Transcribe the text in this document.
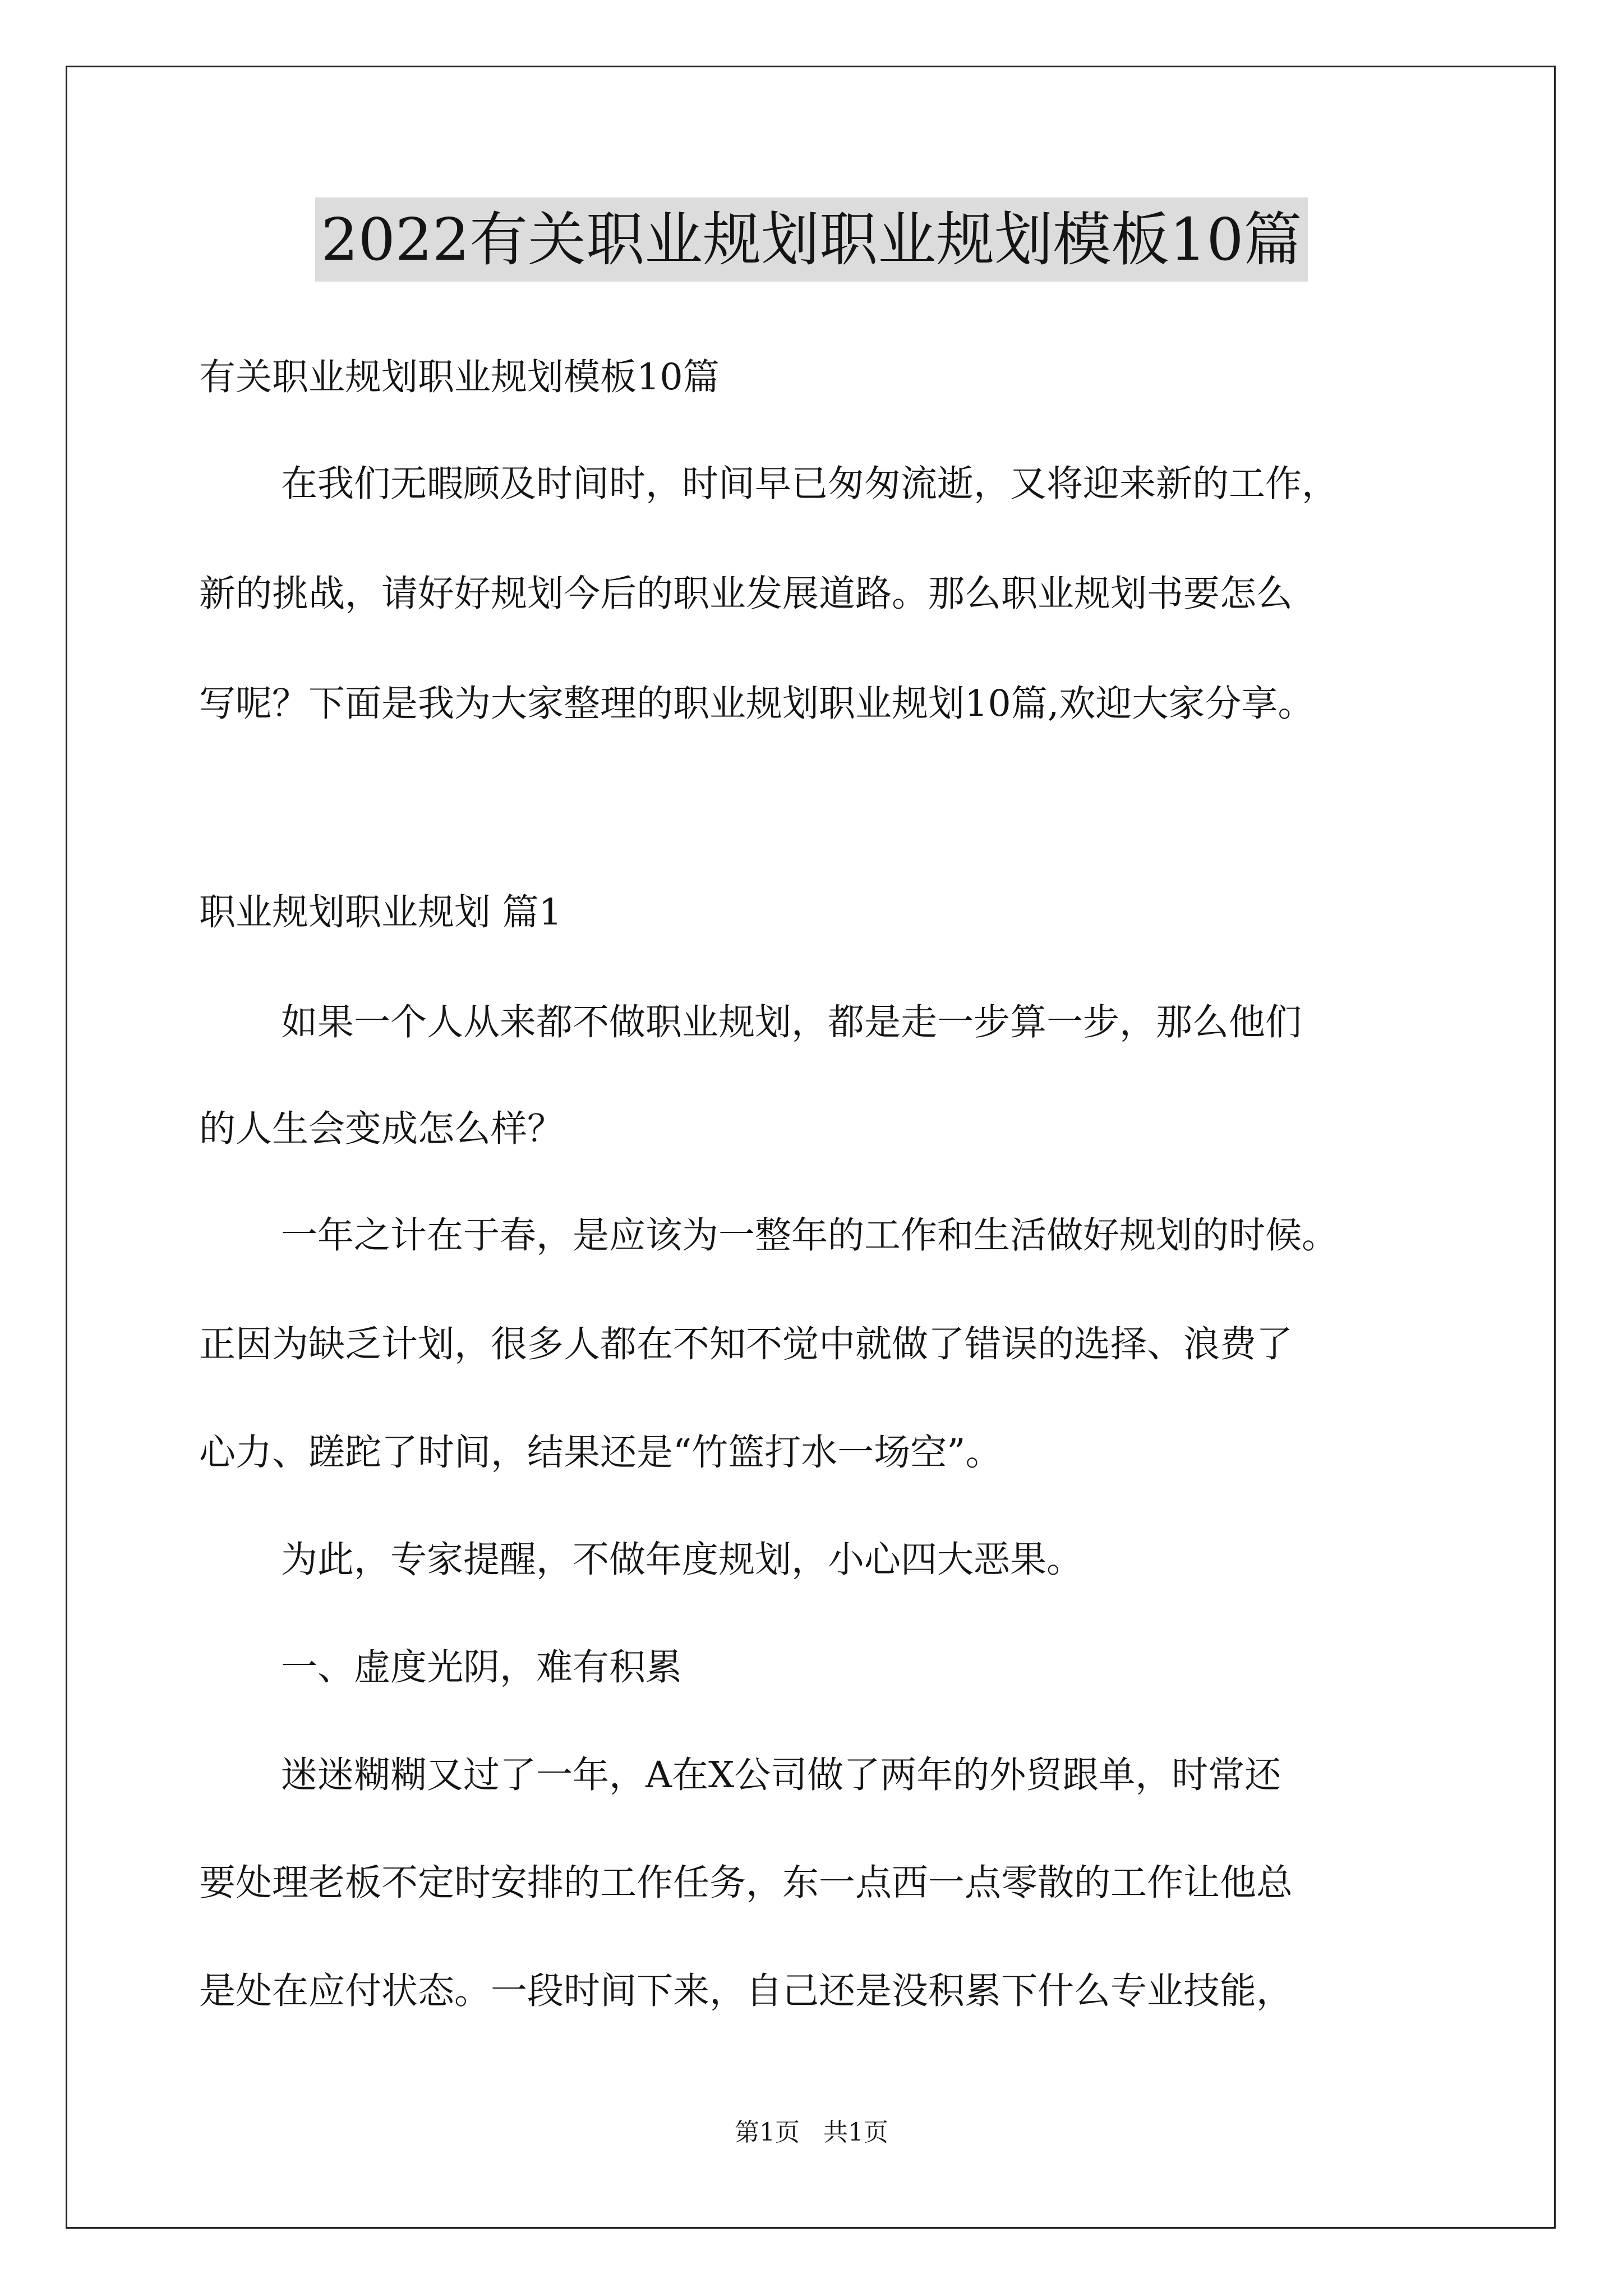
2022有关职业规划职业规划模板10篇
有关职业规划职业规划模板10篇
在我们无暇顾及时间时，时间早已匆匆流逝，又将迎来新的工作，
新的挑战，请好好规划今后的职业发展道路。那么职业规划书要怎么
写呢？下面是我为大家整理的职业规划职业规划10篇,欢迎大家分享。
职业规划职业规划 篇1
如果一个人从来都不做职业规划，都是走一步算一步，那么他们
的人生会变成怎么样？
一年之计在于春，是应该为一整年的工作和生活做好规划的时候。
正因为缺乏计划，很多人都在不知不觉中就做了错误的选择、浪费了
心力、蹉跎了时间，结果还是“竹篮打水一场空”。
为此，专家提醒，不做年度规划，小心四大恶果。
一、虚度光阴，难有积累
迷迷糊糊又过了一年，A在X公司做了两年的外贸跟单，时常还
要处理老板不定时安排的工作任务，东一点西一点零散的工作让他总
是处在应付状态。一段时间下来，自己还是没积累下什么专业技能，
第1页   共1页
